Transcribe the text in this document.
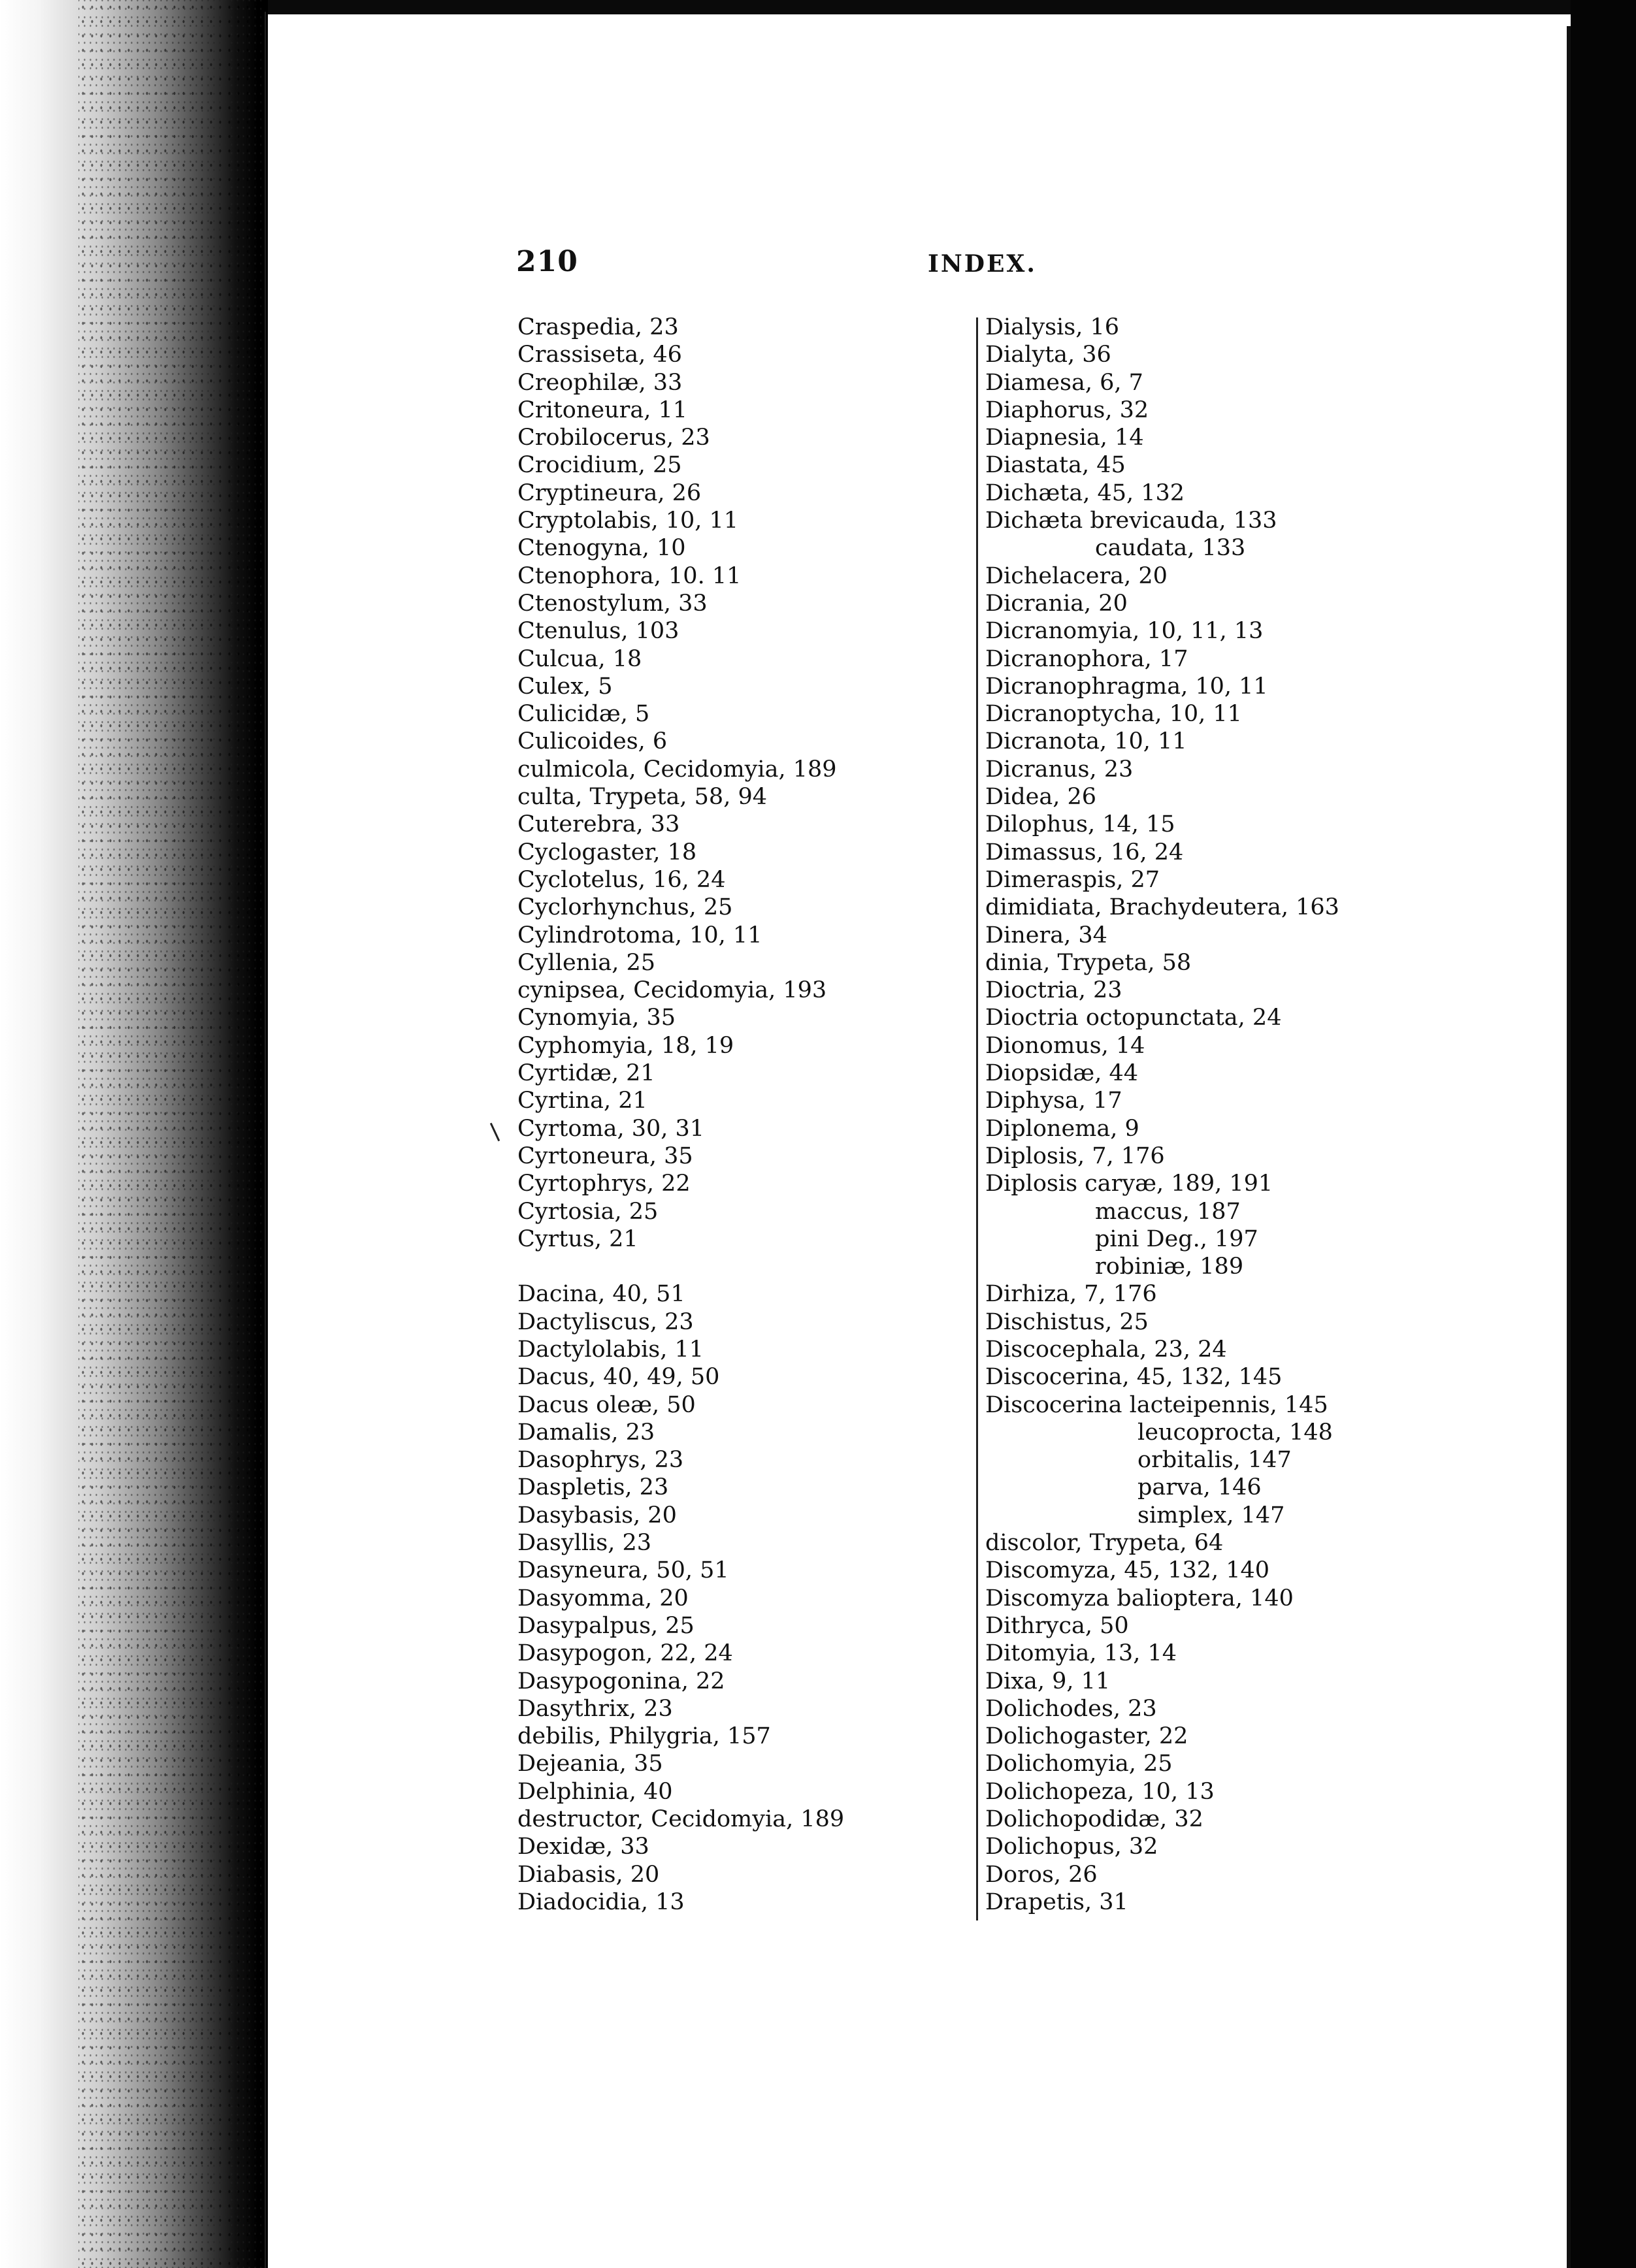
210	INDEX.
Craspedia, 23
Crassiseta, 46
Creophilæ, 33
Critoneura, 11
Crobilocerus, 23
Crocidium, 25
Cryptineura, 26
Cryptolabis, 10, 11
Ctenogyna, 10
Ctenophora, 10. 11
Ctenostylum, 33
Ctenulus, 103
Culcua, 18
Culex, 5
Culicidæ, 5
Culicoides, 6
culmicola, Cecidomyia, 189
culta, Trypeta, 58, 94
Cuterebra, 33
Cyclogaster, 18
Cyclotelus, 16, 24
Cyclorhynchus, 25
Cylindrotoma, 10, 11
Cyllenia, 25
cynipsea, Cecidomyia, 193
Cynomyia, 35
Cyphomyia, 18, 19
Cyrtidæ, 21
Cyrtina, 21
Cyrtoma, 30, 31
Cyrtoneura, 35
Cyrtophrys, 22
Cyrtosia, 25
Cyrtus, 21
Dacina, 40, 51
Dactyliscus, 23
Dactylolabis, 11
Dacus, 40, 49, 50
Dacus oleæ, 50
Damalis, 23
Dasophrys, 23
Daspletis, 23
Dasybasis, 20
Dasyllis, 23
Dasyneura, 50, 51
Dasyomma, 20
Dasypalpus, 25
Dasypogon, 22, 24
Dasypogonina, 22
Dasythrix, 23
debilis, Philygria, 157
Dejeania, 35
Delphinia, 40
destructor, Cecidomyia, 189
Dexidæ, 33
Diabasis, 20
Diadocidia, 13
Dialysis, 16
Dialyta, 36
Diamesa, 6, 7
Diaphorus, 32
Diapnesia, 14
Diastata, 45
Dichæta, 45, 132
Dichæta brevicauda, 133
caudata, 133
Dichelacera, 20
Dicrania, 20
Dicranomyia, 10, 11, 13
Dicranophora, 17
Dicranophragma, 10, 11
Dicranoptycha, 10, 11
Dicranota, 10, 11
Dicranus, 23
Didea, 26
Dilophus, 14, 15
Dimassus, 16, 24
Dimeraspis, 27
dimidiata, Brachydeutera, 163
Dinera, 34
dinia, Trypeta, 58
Dioctria, 23
Dioctria octopunctata, 24
Dionomus, 14
Diopsidæ, 44
Diphysa, 17
Diplonema, 9
Diplosis, 7, 176
Diplosis caryæ, 189, 191
maccus, 187
pini Deg., 197
robiniæ, 189
Dirhiza, 7, 176
Dischistus, 25
Discocephala, 23, 24
Discocerina, 45, 132, 145
Discocerina lacteipennis, 145
leucoprocta, 148
orbitalis, 147
parva, 146
simplex, 147
discolor, Trypeta, 64
Discomyza, 45, 132, 140
Discomyza balioptera, 140
Dithryca, 50
Ditomyia, 13, 14
Dixa, 9, 11
Dolichodes, 23
Dolichogaster, 22
Dolichomyia, 25
Dolichopeza, 10, 13
Dolichopodidæ, 32
Dolichopus, 32
Doros, 26
Drapetis, 31
